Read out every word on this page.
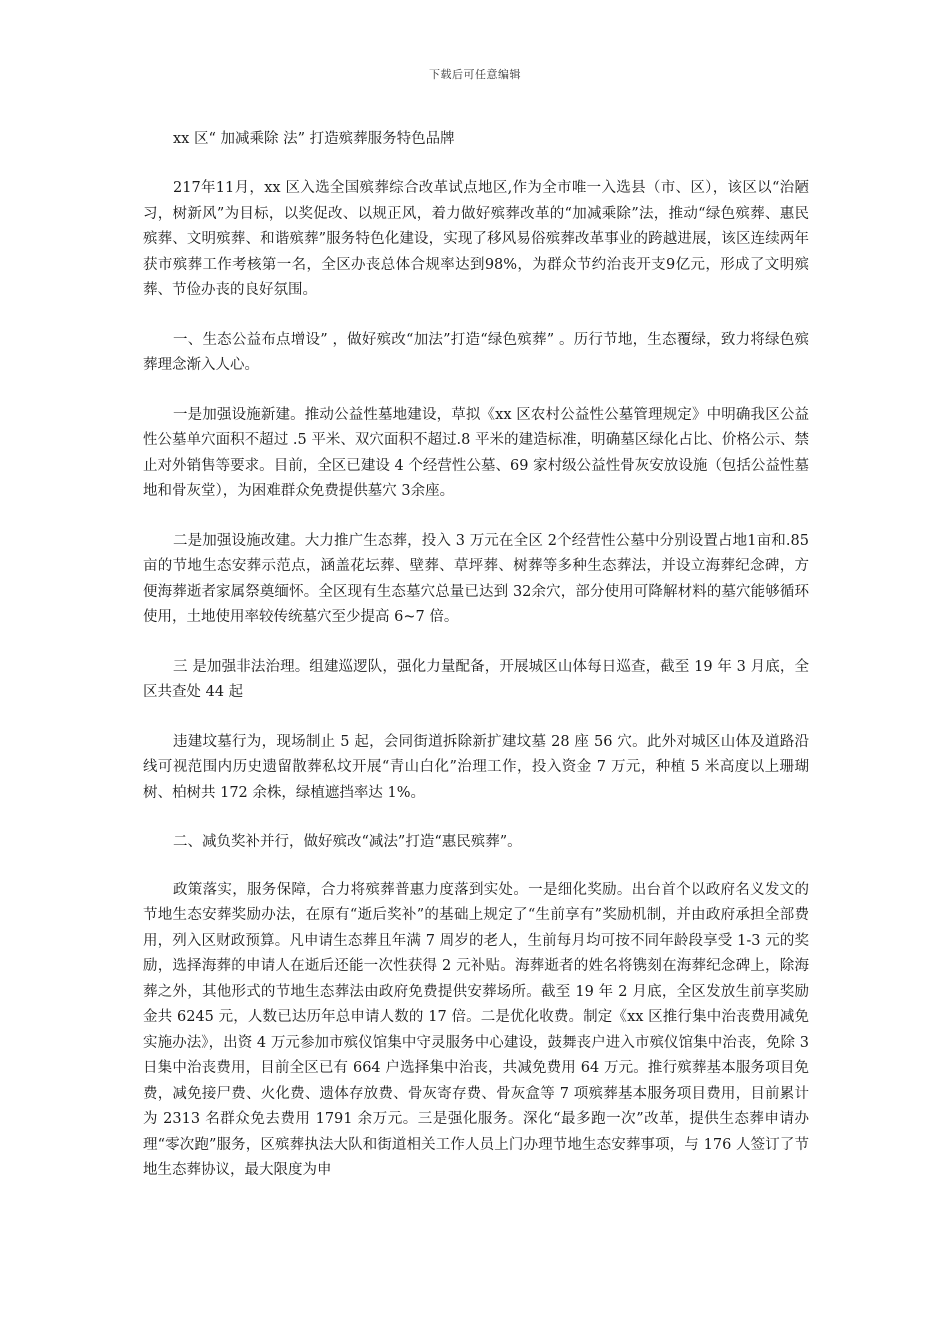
下载后可任意编辑
xx 区“ 加减乘除 法” 打造殡葬服务特色品牌

217年11月，xx 区入选全国殡葬综合改革试点地区,作为全市唯一入选县（市、区），该区以“治陋习，树新风”为目标，以奖促改、以规正风，着力做好殡葬改革的“加减乘除”法，推动“绿色殡葬、惠民殡葬、文明殡葬、和谐殡葬”服务特色化建设，实现了移风易俗殡葬改革事业的跨越进展，该区连续两年获市殡葬工作考核第一名，全区办丧总体合规率达到98%，为群众节约治丧开支9亿元，形成了文明殡葬、节俭办丧的良好氛围。

一、生态公益布点增设” ，做好殡改“加法”打造“绿色殡葬” 。历行节地，生态覆绿，致力将绿色殡葬理念渐入人心。

一是加强设施新建。推动公益性墓地建设，草拟《xx 区农村公益性公墓管理规定》中明确我区公益性公墓单穴面积不超过 .5 平米、双穴面积不超过.8 平米的建造标准，明确墓区绿化占比、价格公示、禁止对外销售等要求。目前，全区已建设 4 个经营性公墓、69 家村级公益性骨灰安放设施（包括公益性墓地和骨灰堂），为困难群众免费提供墓穴 3余座。

二是加强设施改建。大力推广生态葬，投入 3 万元在全区 2个经营性公墓中分别设置占地1亩和.85亩的节地生态安葬示范点，涵盖花坛葬、壁葬、草坪葬、树葬等多种生态葬法，并设立海葬纪念碑，方便海葬逝者家属祭奠缅怀。全区现有生态墓穴总量已达到 32余穴，部分使用可降解材料的墓穴能够循环使用，土地使用率较传统墓穴至少提高 6~7 倍。

三 是加强非法治理。组建巡逻队，强化力量配备，开展城区山体每日巡查，截至 19 年 3 月底，全区共查处 44 起

违建坟墓行为，现场制止 5 起，会同街道拆除新扩建坟墓 28 座 56 穴。此外对城区山体及道路沿线可视范围内历史遗留散葬私坟开展“青山白化”治理工作，投入资金 7 万元，种植 5 米高度以上珊瑚树、柏树共 172 余株，绿植遮挡率达 1%。

二、减负奖补并行，做好殡改“减法”打造“惠民殡葬”。

政策落实，服务保障，合力将殡葬普惠力度落到实处。一是细化奖励。出台首个以政府名义发文的节地生态安葬奖励办法，在原有“逝后奖补”的基础上规定了“生前享有”奖励机制，并由政府承担全部费用，列入区财政预算。凡申请生态葬且年满 7 周岁的老人，生前每月均可按不同年龄段享受 1-3 元的奖励，选择海葬的申请人在逝后还能一次性获得 2 元补贴。海葬逝者的姓名将镌刻在海葬纪念碑上，除海葬之外，其他形式的节地生态葬法由政府免费提供安葬场所。截至 19 年 2 月底，全区发放生前享奖励金共 6245 元，人数已达历年总申请人数的 17 倍。二是优化收费。制定《xx 区推行集中治丧费用减免实施办法》，出资 4 万元参加市殡仪馆集中守灵服务中心建设，鼓舞丧户进入市殡仪馆集中治丧，免除 3 日集中治丧费用，目前全区已有 664 户选择集中治丧，共减免费用 64 万元。推行殡葬基本服务项目免费，减免接尸费、火化费、遗体存放费、骨灰寄存费、骨灰盒等 7 项殡葬基本服务项目费用，目前累计为 2313 名群众免去费用 1791 余万元。三是强化服务。深化“最多跑一次”改革，提供生态葬申请办理“零次跑”服务，区殡葬执法大队和街道相关工作人员上门办理节地生态安葬事项，与 176 人签订了节地生态葬协议，最大限度为申
